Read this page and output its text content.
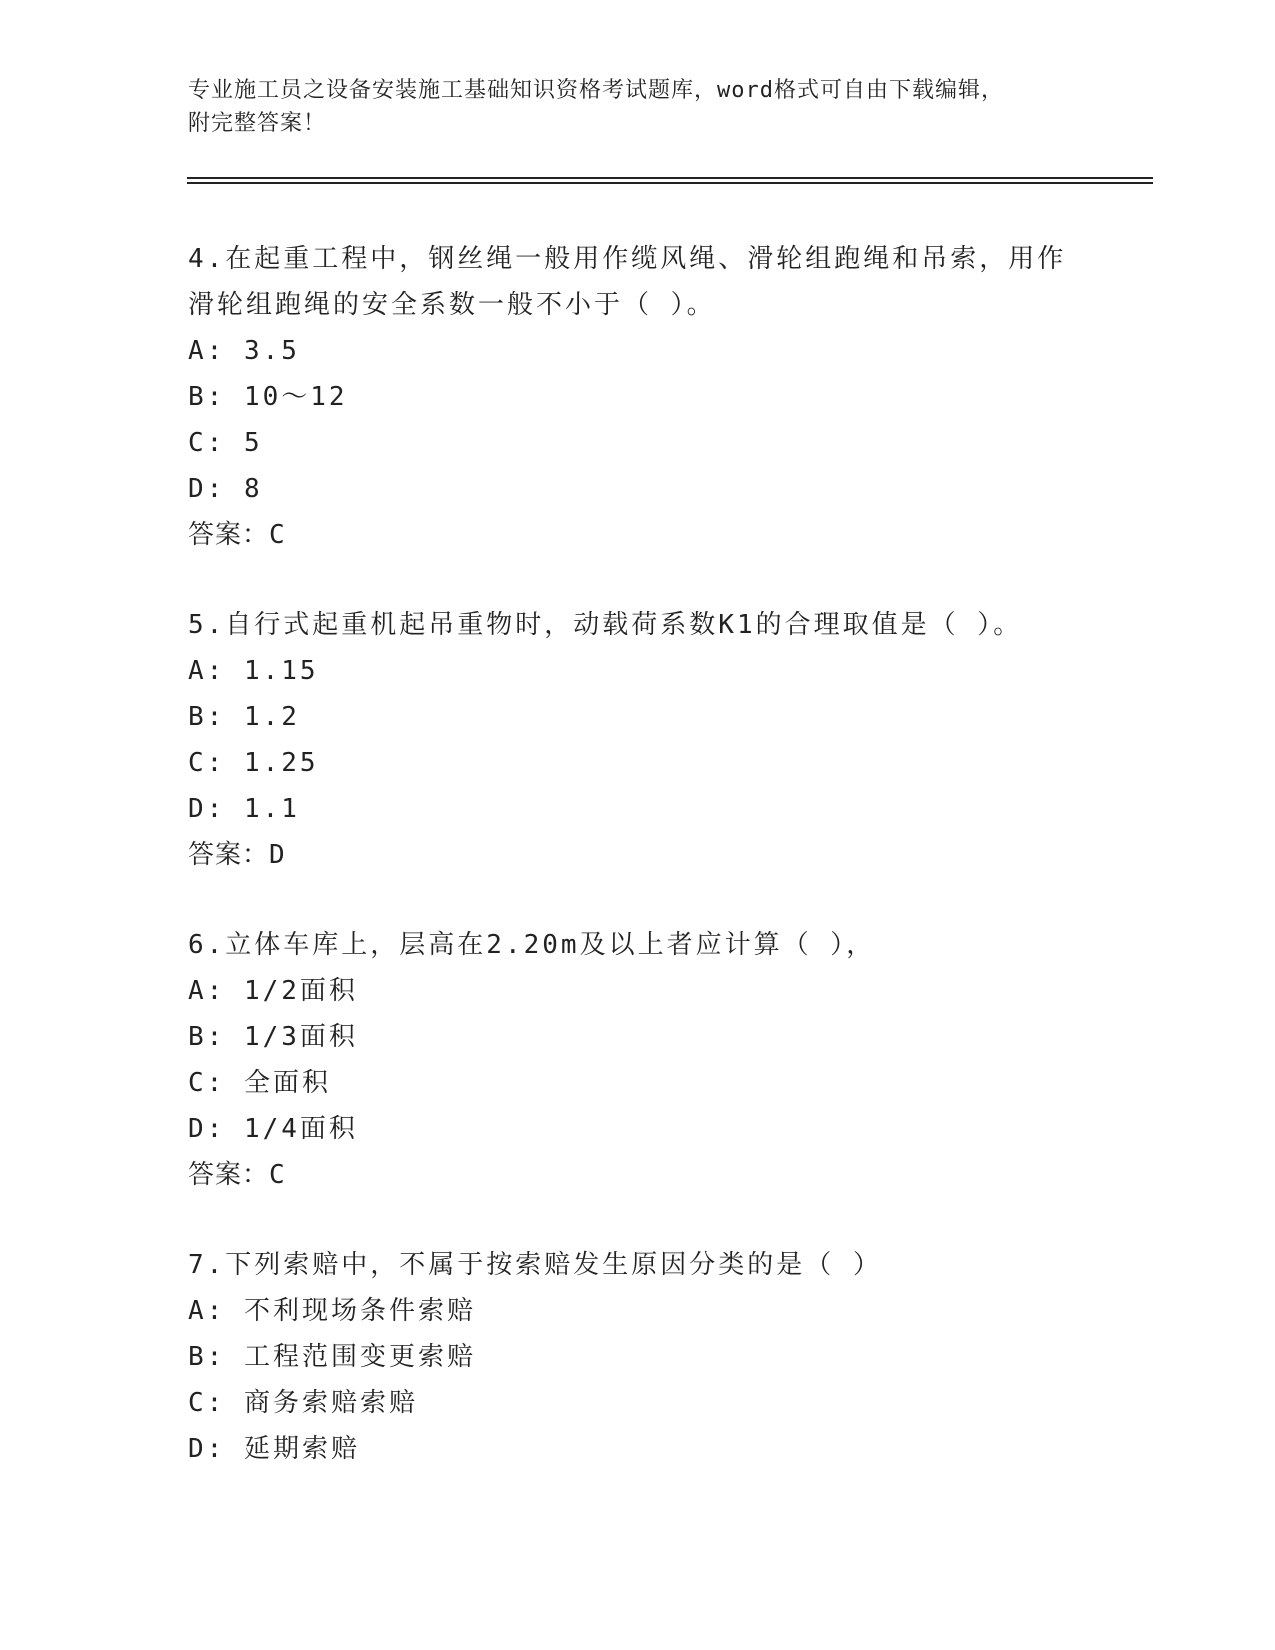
专业施工员之设备安装施工基础知识资格考试题库，word格式可自由下载编辑，
附完整答案！

4.在起重工程中，钢丝绳一般用作缆风绳、滑轮组跑绳和吊索，用作

滑轮组跑绳的安全系数一般不小于（ ）。

A: 3.5

B: 10～12

C: 5

D: 8

答案：C

5.自行式起重机起吊重物时，动载荷系数K1的合理取值是（ ）。

A: 1.15

B: 1.2

C: 1.25

D: 1.1

答案：D

6.立体车库上，层高在2.20m及以上者应计算（ ），

A: 1/2面积

B: 1/3面积

C: 全面积

D: 1/4面积

答案：C

7.下列索赔中，不属于按索赔发生原因分类的是（ ）

A: 不利现场条件索赔

B: 工程范围变更索赔

C: 商务索赔索赔

D: 延期索赔
